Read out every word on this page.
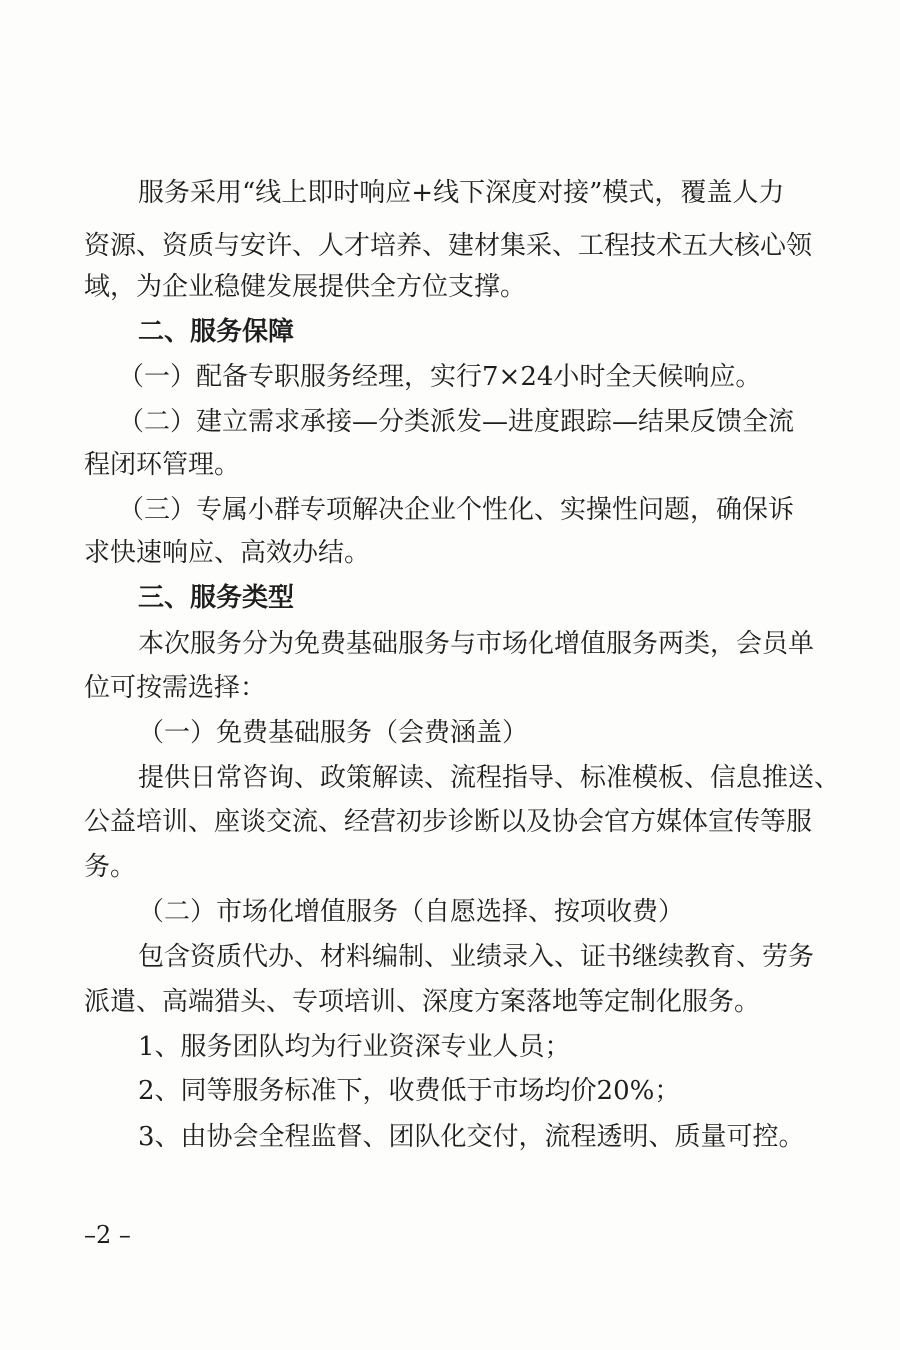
服务采用“线上即时响应+线下深度对接”模式，覆盖人力
资源、资质与安许、人才培养、建材集采、工程技术五大核心领
域，为企业稳健发展提供全方位支撑。
二、服务保障
（一）配备专职服务经理，实行7×24小时全天候响应。
（二）建立需求承接—分类派发—进度跟踪—结果反馈全流
程闭环管理。
（三）专属小群专项解决企业个性化、实操性问题，确保诉
求快速响应、高效办结。
三、服务类型
本次服务分为免费基础服务与市场化增值服务两类，会员单
位可按需选择：
（一）免费基础服务（会费涵盖）
提供日常咨询、政策解读、流程指导、标准模板、信息推送、
公益培训、座谈交流、经营初步诊断以及协会官方媒体宣传等服
务。
（二）市场化增值服务（自愿选择、按项收费）
包含资质代办、材料编制、业绩录入、证书继续教育、劳务
派遣、高端猎头、专项培训、深度方案落地等定制化服务。
1、服务团队均为行业资深专业人员；
2、同等服务标准下，收费低于市场均价20%；
3、由协会全程监督、团队化交付，流程透明、质量可控。
–2 –
